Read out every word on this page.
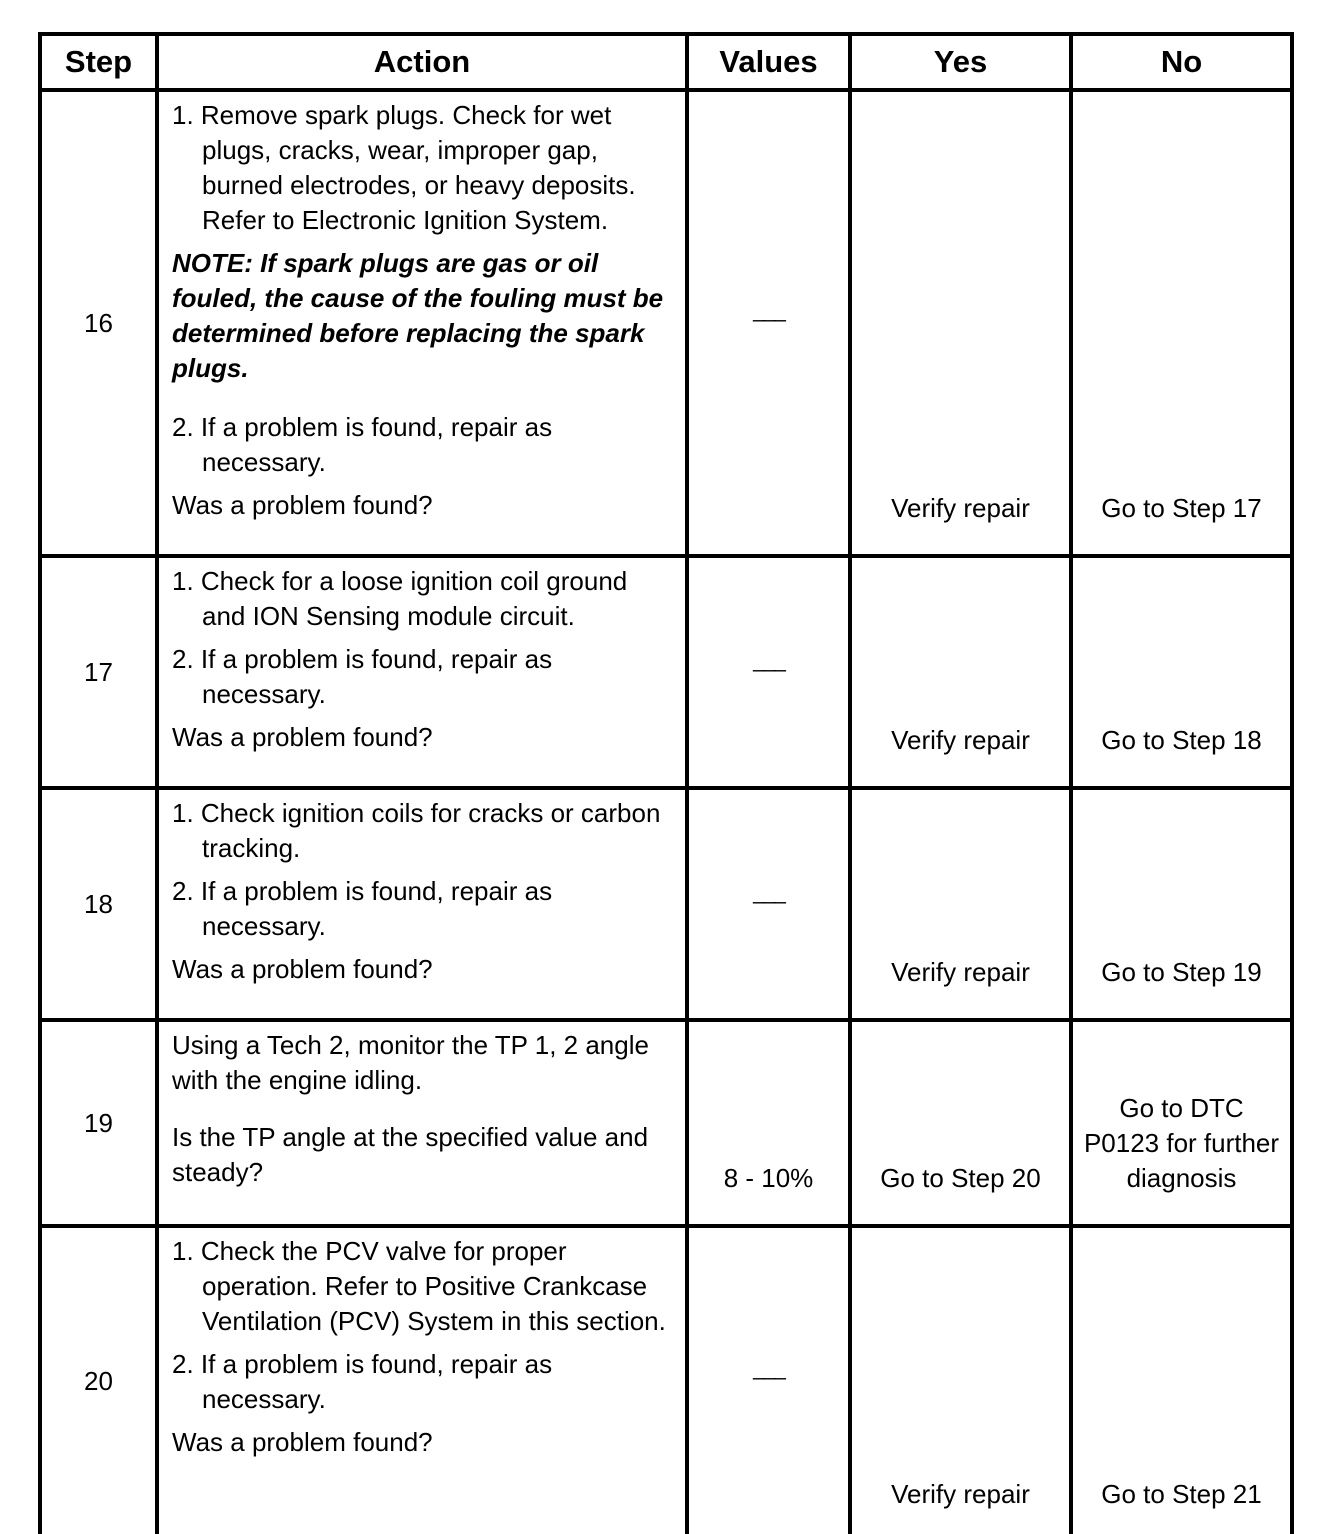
Step	Action	Values	Yes	No
16	1. Remove spark plugs. Check for wet plugs, cracks, wear, improper gap, burned electrodes, or heavy deposits. Refer to Electronic Ignition System.
NOTE: If spark plugs are gas or oil fouled, the cause of the fouling must be determined before replacing the spark plugs.
2. If a problem is found, repair as necessary.
Was a problem found?	___	Verify repair	Go to Step 17

17	1. Check for a loose ignition coil ground and ION Sensing module circuit.
2. If a problem is found, repair as necessary.
Was a problem found?	___	Verify repair	Go to Step 18

18	1. Check ignition coils for cracks or carbon tracking.
2. If a problem is found, repair as necessary.
Was a problem found?	___	Verify repair	Go to Step 19

19	Using a Tech 2, monitor the TP 1, 2 angle with the engine idling.
Is the TP angle at the specified value and steady?	8 - 10%	Go to Step 20	Go to DTC P0123 for further diagnosis

20	1. Check the PCV valve for proper operation. Refer to Positive Crankcase Ventilation (PCV) System in this section.
2. If a problem is found, repair as necessary.
Was a problem found?	___	Verify repair	Go to Step 21
